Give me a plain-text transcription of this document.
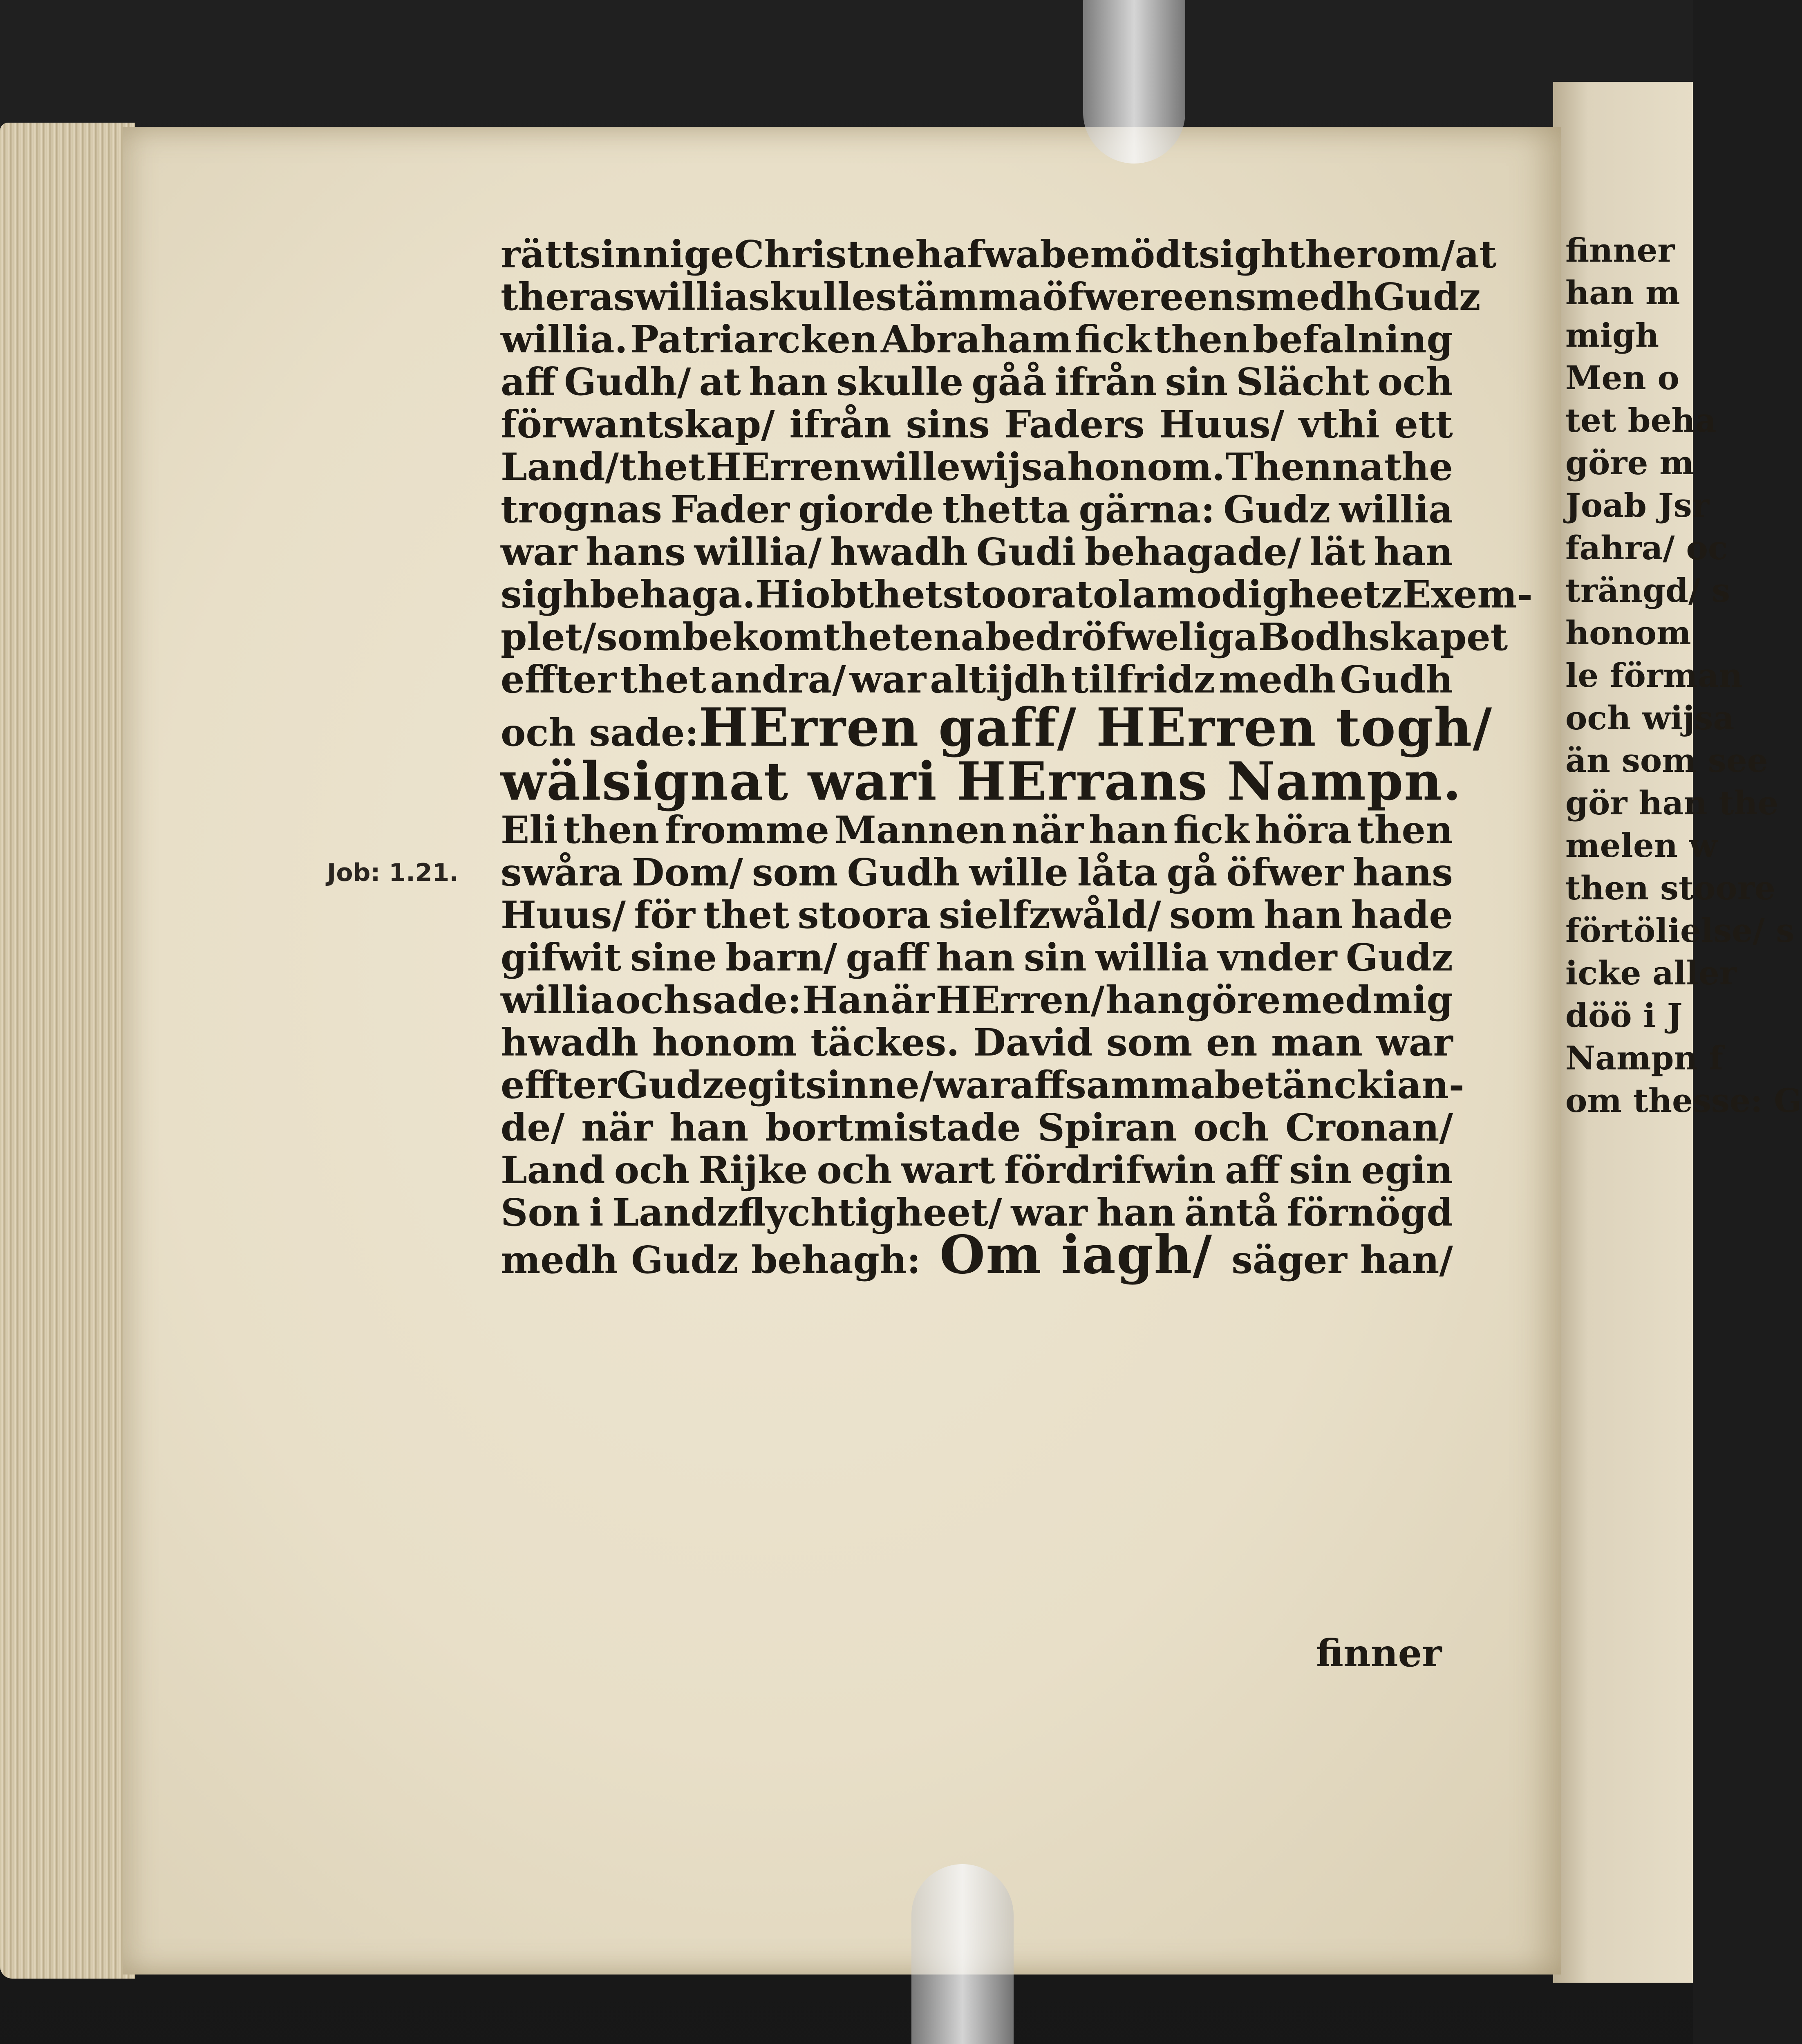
Job: 1.21.
rättsinnige Christne hafwa bemödt sigh ther om/ at
theras willia skulle stämma öfwereens medh Gudz
willia. Patriarcken Abraham fick then befalning
aff Gudh/ at han skulle gåå ifrån sin Slächt och
förwantskap/ ifrån sins Faders Huus/ vthi ett
Land/ thet HErren wille wijsa honom. Thenna the
trognas Fader giorde thetta gärna: Gudz willia
war hans willia/ hwadh Gudi behagade/ lät han
sigh behaga. Hiob thet stoora tolamodigheetz Exem-
plet/ som bekom thet ena bedröfweliga Bodhskapet
effter thet andra/ war altijdh tilfridz medh Gudh
och sade: HErren gaff/ HErren togh/
wälsignat wari HErrans Nampn.
Eli then fromme Mannen när han fick höra then
swåra Dom/ som Gudh wille låta gå öfwer hans
Huus/ för thet stoora sielfzwåld/ som han hade
gifwit sine barn/ gaff han sin willia vnder Gudz
willia och sade: Han är HErren/ han göre med mig
hwadh honom täckes. David som en man war
effter Gudz egit sinne/ war aff samma betänckian-
de/ när han bortmistade Spiran och Cronan/
Land och Rijke och wart fördrifwin aff sin egin
Son i Landzflychtigheet/ war han äntå förnögd
medh Gudz behagh: Om iagh/ säger han/
finner
finner
han m
migh
Men o
tet beha
göre m
Joab Jsr
fahra/ oc
trängd/ s
honom
le förman
och wijsa
än som see
gör han the
melen w
then stoore
förtölielse/ s
icke aller
döö i J
Nampn f
om thesse: G
